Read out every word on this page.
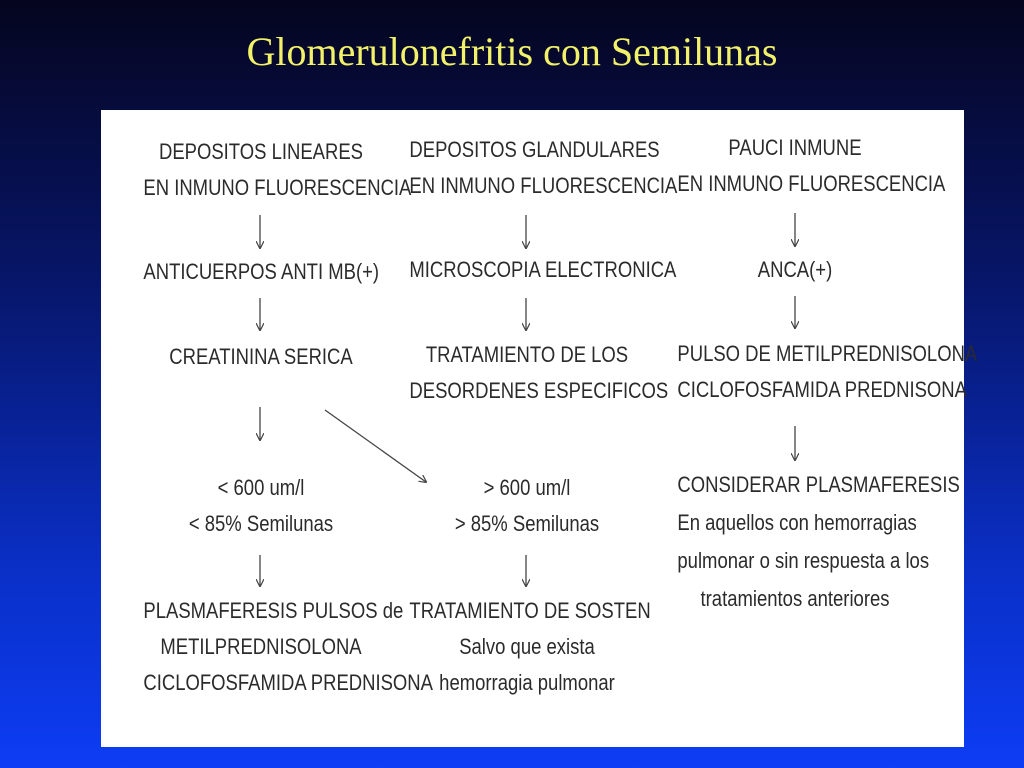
Glomerulonefritis con Semilunas
DEPOSITOS LINEARES
EN INMUNO FLUORESCENCIA
ANTICUERPOS ANTI MB(+)
CREATININA SERICA
< 600 um/l
< 85% Semilunas
PLASMAFERESIS PULSOS de
METILPREDNISOLONA
CICLOFOSFAMIDA PREDNISONA
DEPOSITOS GLANDULARES
EN INMUNO FLUORESCENCIA
MICROSCOPIA ELECTRONICA
TRATAMIENTO DE LOS
DESORDENES ESPECIFICOS
> 600 um/l
> 85% Semilunas
TRATAMIENTO DE SOSTEN
Salvo que exista
hemorragia pulmonar
PAUCI INMUNE
EN INMUNO FLUORESCENCIA
ANCA(+)
PULSO DE METILPREDNISOLONA
CICLOFOSFAMIDA PREDNISONA
CONSIDERAR PLASMAFERESIS
En aquellos con hemorragias
pulmonar o sin respuesta a los
tratamientos anteriores
